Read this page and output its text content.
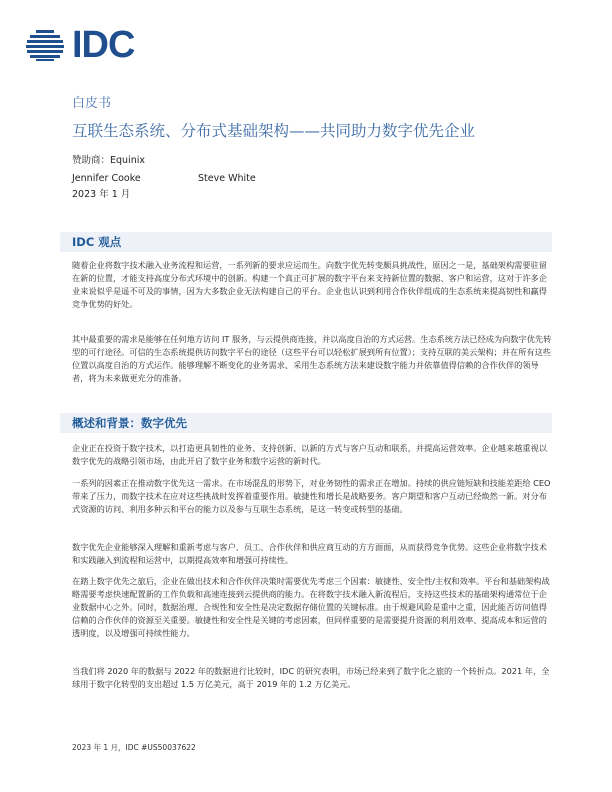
IDC
白皮书
互联生态系统、分布式基础架构——共同助力数字优先企业
赞助商：Equinix
Jennifer Cooke	Steve White
2023 年 1 月
IDC 观点
随着企业将数字技术融入业务流程和运营，一系列新的要求应运而生。向数字优先转变颇具挑战性，原因之一是，基础架构需要驻留在新的位置，才能支持高度分布式环境中的创新。构建一个真正可扩展的数字平台来支持新位置的数据、客户和运营，这对于许多企业来说似乎是遥不可及的事情，因为大多数企业无法构建自己的平台。企业也认识到利用合作伙伴组成的生态系统来提高韧性和赢得竞争优势的好处。
其中最重要的需求是能够在任何地方访问 IT 服务，与云提供商连接，并以高度自治的方式运营。生态系统方法已经成为向数字优先转型的可行途径。可信的生态系统提供访问数字平台的途径（这些平台可以轻松扩展到所有位置）；支持互联的美云架构；并在所有这些位置以高度自治的方式运作。能够理解不断变化的业务需求、采用生态系统方法来建设数字能力并依靠值得信赖的合作伙伴的领导者，将为未来做更充分的准备。
概述和背景：数字优先
企业正在投资于数字技术，以打造更具韧性的业务、支持创新、以新的方式与客户互动和联系，并提高运营效率。企业越来越重视以数字优先的战略引领市场，由此开启了数字业务和数字运营的新时代。
一系列的因素正在推动数字优先这一需求。在市场混乱的形势下，对业务韧性的需求正在增加。持续的供应链短缺和技能差距给 CEO 带来了压力，而数字技术在应对这些挑战时发挥着重要作用。敏捷性和增长是战略要务。客户期望和客户互动已经焕然一新。对分布式资源的访问、利用多种云和平台的能力以及参与互联生态系统，是这一转变或转型的基础。
数字优先企业能够深入理解和重新考虑与客户、员工、合作伙伴和供应商互动的方方面面，从而获得竞争优势。这些企业将数字技术和实践融入到流程和运营中，以期提高效率和增强可持续性。
在踏上数字优先之旅后，企业在做出技术和合作伙伴决策时需要优先考虑三个因素：敏捷性、安全性/主权和效率。平台和基础架构战略需要考虑快速配置新的工作负载和高速连接到云提供商的能力。在将数字技术融入新流程后，支持这些技术的基础架构通常位于企业数据中心之外。同时，数据治理、合规性和安全性是决定数据存储位置的关键标准。由于规避风险是重中之重，因此能否访问值得信赖的合作伙伴的资源至关重要。敏捷性和安全性是关键的考虑因素，但同样重要的是需要提升资源的利用效率、提高成本和运营的透明度，以及增强可持续性能力。
当我们将 2020 年的数据与 2022 年的数据进行比较时，IDC 的研究表明，市场已经来到了数字化之旅的一个转折点。2021 年，全球用于数字化转型的支出超过 1.5 万亿美元，高于 2019 年的 1.2 万亿美元。
2023 年 1 月，IDC #US50037622
